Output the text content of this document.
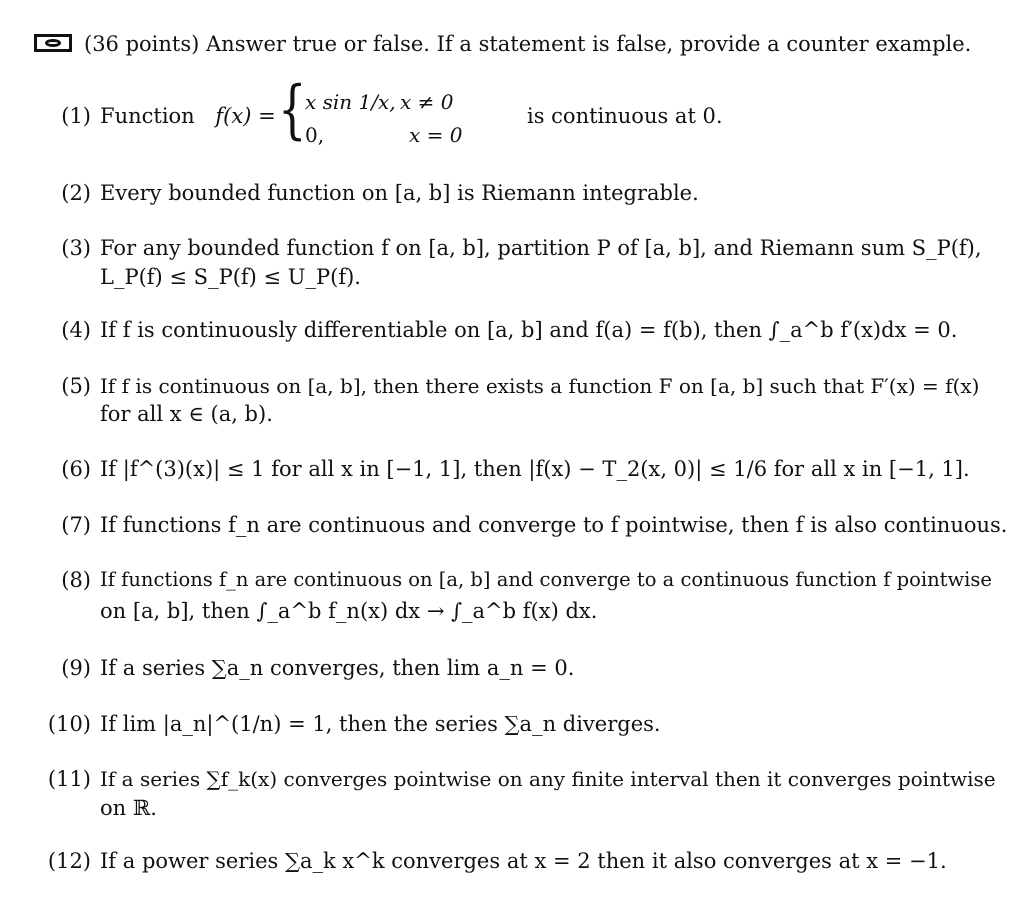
(36 points) Answer true or false. If a statement is false, provide a counter example.
(1) Function f(x) = {
x sin 1/x, x ≠ 0
0,	x = 0
is continuous at 0.
(2) Every bounded function on [a, b] is Riemann integrable.
(3) For any bounded function f on [a, b], partition P of [a, b], and Riemann sum S_P(f),
L_P(f) ≤ S_P(f) ≤ U_P(f).
(4) If f is continuously differentiable on [a, b] and f(a) = f(b), then ∫_a^b f′(x)dx = 0.
(5) If f is continuous on [a, b], then there exists a function F on [a, b] such that F′(x) = f(x)
for all x ∈ (a, b).
(6) If |f^(3)(x)| ≤ 1 for all x in [−1, 1], then |f(x) − T_2(x, 0)| ≤ 1/6 for all x in [−1, 1].
(7) If functions f_n are continuous and converge to f pointwise, then f is also continuous.
(8) If functions f_n are continuous on [a, b] and converge to a continuous function f pointwise
on [a, b], then ∫_a^b f_n(x) dx → ∫_a^b f(x) dx.
(9) If a series ∑a_n converges, then lim a_n = 0.
(10) If lim |a_n|^(1/n) = 1, then the series ∑a_n diverges.
(11) If a series ∑f_k(x) converges pointwise on any finite interval then it converges pointwise
on ℝ.
(12) If a power series ∑a_k x^k converges at x = 2 then it also converges at x = −1.
